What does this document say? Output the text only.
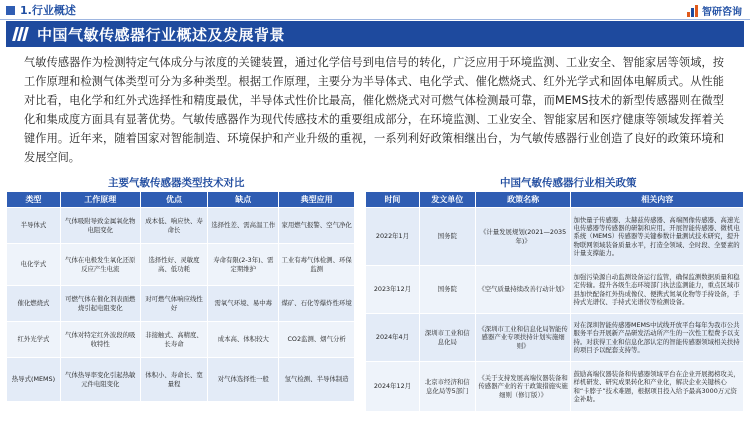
1.行业概述	智研咨询
中国气敏传感器行业概述及发展背景

气敏传感器作为检测特定气体成分与浓度的关键装置，通过化学信号到电信号的转化，广泛应用于环境监测、工业安全、智能家居等领域，按工作原理和检测气体类型可分为多种类型。根据工作原理，主要分为半导体式、电化学式、催化燃烧式、红外光学式和固体电解质式。从性能对比看，电化学和红外式选择性和精度最优，半导体式性价比最高，催化燃烧式对可燃气体检测最可靠，而MEMS技术的新型传感器则在微型化和集成度方面具有显著优势。气敏传感器作为现代传感技术的重要组成部分，在环境监测、工业安全、智能家居和医疗健康等领域发挥着关键作用。近年来，随着国家对智能制造、环境保护和产业升级的重视，一系列利好政策相继出台，为气敏传感器行业创造了良好的政策环境和发展空间。

主要气敏传感器类型技术对比	中国气敏传感器行业相关政策
类型	工作原理	优点	缺点	典型应用
半导体式	气体吸附导致金属氧化物电阻变化	成本低、响应快、寿命长	选择性差、需高温工作	家用燃气报警、空气净化
电化学式	气体在电极发生氧化还原反应产生电流	选择性好、灵敏度高、低功耗	寿命有限(2-3年)、需定期维护	工业有毒气体检测、环保监测
催化燃烧式	可燃气体在催化剂表面燃烧引起电阻变化	对可燃气体响应线性好	需氧气环境、易中毒	煤矿、石化等爆炸性环境
红外光学式	气体对特定红外波段的吸收特性	非接触式、高精度、长寿命	成本高、体积较大	CO2监测、烟气分析
热导式(MEMS)	气体热导率变化引起热敏元件电阻变化	体积小、寿命长、宽量程	对气体选择性一般	氢气检测、半导体制造
时间	发文单位	政策名称	相关内容
2022年1月	国务院	《计量发展规划(2021—2035年)》	加快量子传感器、太赫兹传感器、高端图像传感器、高速光电传感器等传感器的研制和应用。开展智能传感器、微机电系统（MEMS）传感器等关键参数计量测试技术研究，提升物联网领域装备质量水平，打造全领域、全时段、全要素的计量支撑能力。
2023年12月	国务院	《空气质量持续改善行动计划》	加强污染源自动监测设备运行监管，确保监测数据质量和稳定传输。提升各级生态环境部门执法监测能力，重点区域市县加快配备红外热成像仪、便携式氮氧化物等手持设备，手持式光谱仪、手持式光谱仪等检测设备。
2024年4月	深圳市工业和信息化局	《深圳市工业和信息化局智能传感器产业专项扶持计划实施细则》	对在深圳智能传感器MEMS中试线开放平台每年为我市公共服务平台开展新产品研发活动所产生的一次性工程费予以支持。对获得工业和信息化部认定的智能传感器领域相关扶持的项目予以配套支持等。
2024年12月	北京市经济和信息化局等5部门	《关于支持发展高端仪器装备和传感器产业的若干政策措施实施细则（修订版）》	鼓励高端仪器装备和传感器领域平台在企业开展揭榜攻关，样机研发、研究成果转化和产业化，解决企业关键核心和“卡脖子”技术难题，根据项目投入给予最高3000万元资金补助。
